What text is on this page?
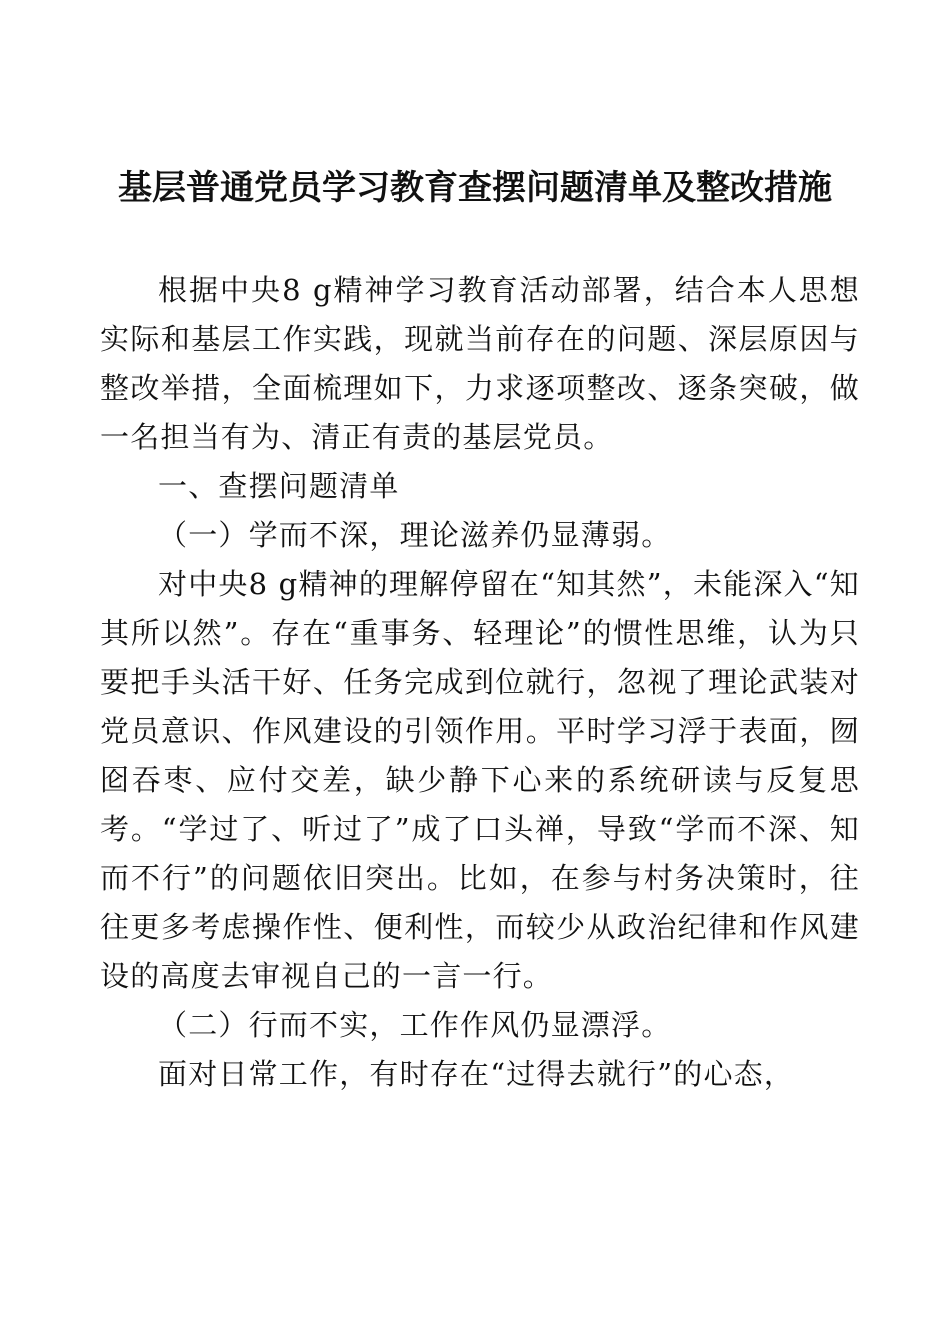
基层普通党员学习教育查摆问题清单及整改措施

根据中央8 g精神学习教育活动部署，结合本人思想实际和基层工作实践，现就当前存在的问题、深层原因与整改举措，全面梳理如下，力求逐项整改、逐条突破，做一名担当有为、清正有责的基层党员。

一、查摆问题清单

（一）学而不深，理论滋养仍显薄弱。

对中央8 g精神的理解停留在“知其然”，未能深入“知其所以然”。存在“重事务、轻理论”的惯性思维，认为只要把手头活干好、任务完成到位就行，忽视了理论武装对党员意识、作风建设的引领作用。平时学习浮于表面，囫囵吞枣、应付交差，缺少静下心来的系统研读与反复思考。“学过了、听过了”成了口头禅，导致“学而不深、知而不行”的问题依旧突出。比如，在参与村务决策时，往往更多考虑操作性、便利性，而较少从政治纪律和作风建设的高度去审视自己的一言一行。

（二）行而不实，工作作风仍显漂浮。

面对日常工作，有时存在“过得去就行”的心态，
